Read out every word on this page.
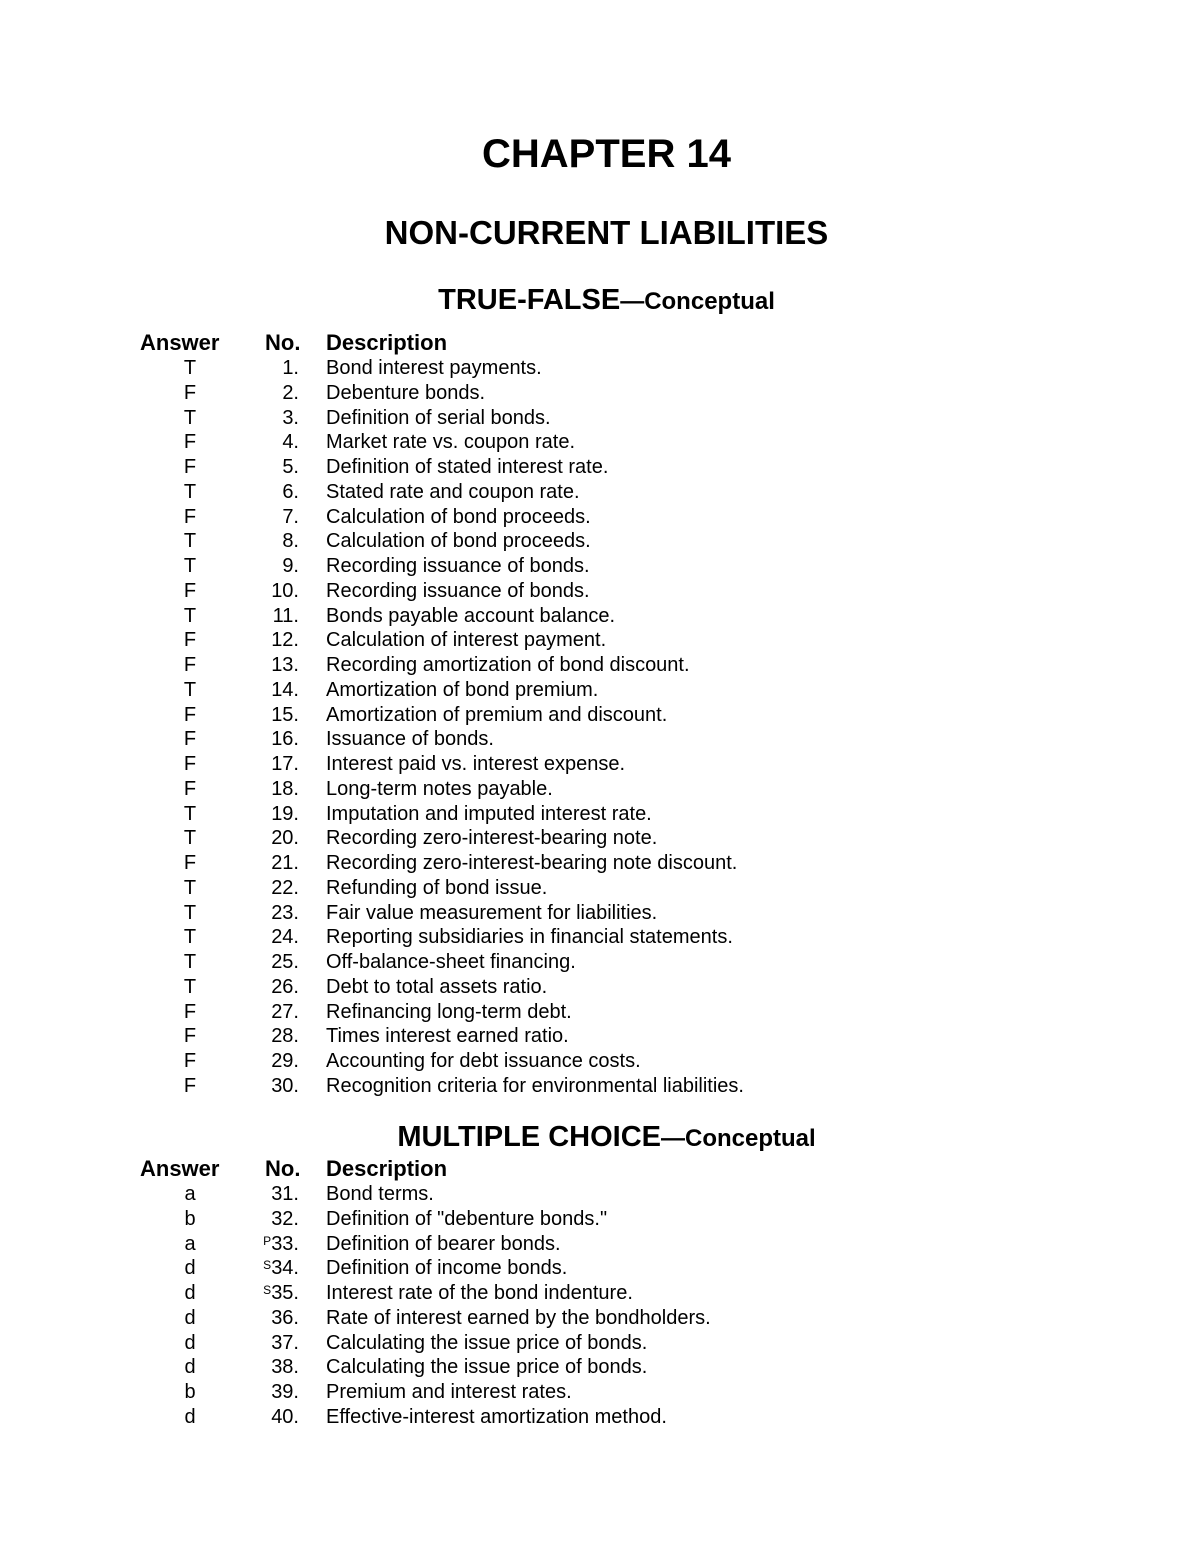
CHAPTER 14
NON-CURRENT LIABILITIES
TRUE-FALSE—Conceptual
Answer No. Description
T	1. Bond interest payments.
F	2. Debenture bonds.
T	3. Definition of serial bonds.
F	4. Market rate vs. coupon rate.
F	5. Definition of stated interest rate.
T	6. Stated rate and coupon rate.
F	7. Calculation of bond proceeds.
T	8. Calculation of bond proceeds.
T	9. Recording issuance of bonds.
F	10. Recording issuance of bonds.
T	11. Bonds payable account balance.
F	12. Calculation of interest payment.
F	13. Recording amortization of bond discount.
T	14. Amortization of bond premium.
F	15. Amortization of premium and discount.
F	16. Issuance of bonds.
F	17. Interest paid vs. interest expense.
F	18. Long-term notes payable.
T	19. Imputation and imputed interest rate.
T	20. Recording zero-interest-bearing note.
F	21. Recording zero-interest-bearing note discount.
T	22. Refunding of bond issue.
T	23. Fair value measurement for liabilities.
T	24. Reporting subsidiaries in financial statements.
T	25. Off-balance-sheet financing.
T	26. Debt to total assets ratio.
F	27. Refinancing long-term debt.
F	28. Times interest earned ratio.
F	29. Accounting for debt issuance costs.
F	30. Recognition criteria for environmental liabilities.
MULTIPLE CHOICE—Conceptual
Answer No. Description
a	31. Bond terms.
b	32. Definition of "debenture bonds."
a	$^P$33. Definition of bearer bonds.
d	$^S$34. Definition of income bonds.
d	$^S$35. Interest rate of the bond indenture.
d	36. Rate of interest earned by the bondholders.
d	37. Calculating the issue price of bonds.
d	38. Calculating the issue price of bonds.
b	39. Premium and interest rates.
d	40. Effective-interest amortization method.
